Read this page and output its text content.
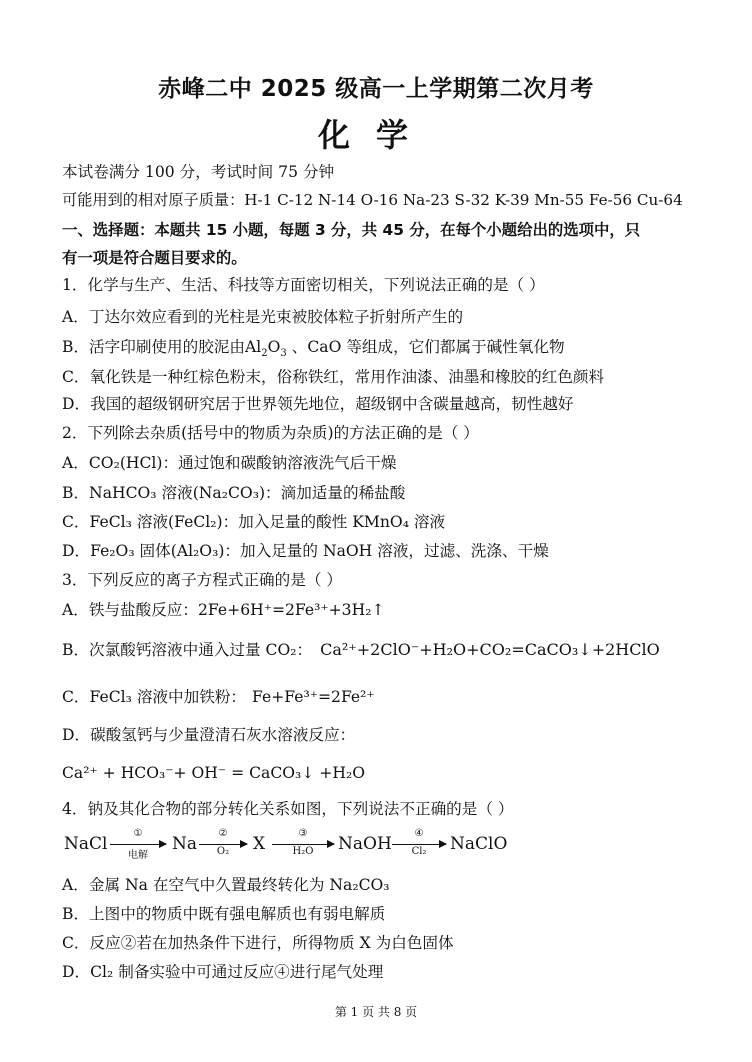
赤峰二中 2025 级高一上学期第二次月考
化学
本试卷满分 100 分，考试时间 75 分钟
可能用到的相对原子质量：H-1 C-12 N-14 O-16 Na-23 S-32 K-39 Mn-55 Fe-56 Cu-64
一、选择题：本题共 15 小题，每题 3 分，共 45 分，在每个小题给出的选项中，只
有一项是符合题目要求的。
1．化学与生产、生活、科技等方面密切相关，下列说法正确的是（ ）
A．丁达尔效应看到的光柱是光束被胶体粒子折射所产生的
B．活字印刷使用的胶泥由$Al_2O_3$ 、CaO 等组成，它们都属于碱性氧化物
C．氧化铁是一种红棕色粉末，俗称铁红，常用作油漆、油墨和橡胶的红色颜料
D．我国的超级钢研究居于世界领先地位，超级钢中含碳量越高，韧性越好
2．下列除去杂质(括号中的物质为杂质)的方法正确的是（ ）
A．CO₂(HCl)：通过饱和碳酸钠溶液洗气后干燥
B．NaHCO₃ 溶液(Na₂CO₃)：滴加适量的稀盐酸
C．FeCl₃ 溶液(FeCl₂)：加入足量的酸性 KMnO₄ 溶液
D．Fe₂O₃ 固体(Al₂O₃)：加入足量的 NaOH 溶液，过滤、洗涤、干燥
3．下列反应的离子方程式正确的是（ ）
A．铁与盐酸反应：2Fe+6H⁺=2Fe³⁺+3H₂↑
B．次氯酸钙溶液中通入过量 CO₂： Ca²⁺+2ClO⁻+H₂O+CO₂=CaCO₃↓+2HClO
C．FeCl₃ 溶液中加铁粉： Fe+Fe³⁺=2Fe²⁺
D．碳酸氢钙与少量澄清石灰水溶液反应：
Ca²⁺ + HCO₃⁻+ OH⁻ = CaCO₃↓ +H₂O
4．钠及其化合物的部分转化关系如图，下列说法不正确的是（ ）
NaCl
①
电解
Na
②
O₂	X
③
H₂O	NaOH
④
Cl₂	NaClO
A．金属 Na 在空气中久置最终转化为 Na₂CO₃
B．上图中的物质中既有强电解质也有弱电解质
C．反应②若在加热条件下进行，所得物质 X 为白色固体
D．Cl₂ 制备实验中可通过反应④进行尾气处理
第 1 页 共 8 页
